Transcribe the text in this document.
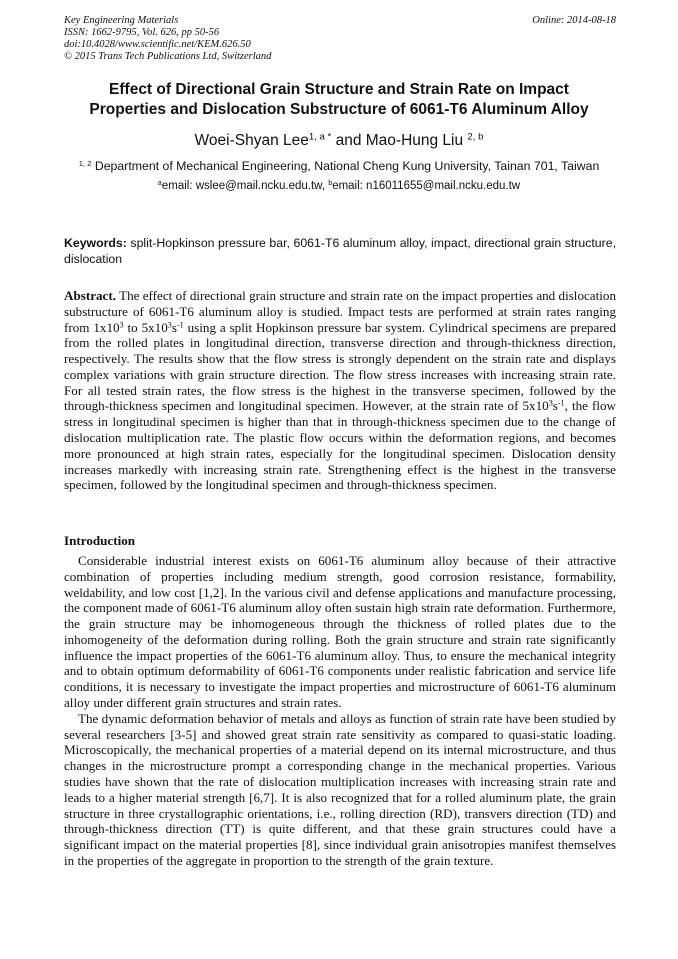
Key Engineering Materials
ISSN: 1662-9795, Vol. 626, pp 50-56
doi:10.4028/www.scientific.net/KEM.626.50
© 2015 Trans Tech Publications Ltd, Switzerland
Online: 2014-08-18
Effect of Directional Grain Structure and Strain Rate on Impact
Properties and Dislocation Substructure of 6061-T6 Aluminum Alloy
Woei-Shyan Lee$^{1, a *}$ and Mao-Hung Liu $^{2, b}$
$^{1, 2}$ Department of Mechanical Engineering, National Cheng Kung University, Tainan 701, Taiwan
$^a$email: wslee@mail.ncku.edu.tw, $^b$email: n16011655@mail.ncku.edu.tw
Keywords: split-Hopkinson pressure bar, 6061-T6 aluminum alloy, impact, directional grain structure, dislocation
Abstract. The effect of directional grain structure and strain rate on the impact properties and dislocation substructure of 6061-T6 aluminum alloy is studied. Impact tests are performed at strain rates ranging from $1x10^3$ to $5x10^3s^{-1}$ using a split Hopkinson pressure bar system. Cylindrical specimens are prepared from the rolled plates in longitudinal direction, transverse direction and through-thickness direction, respectively. The results show that the flow stress is strongly dependent on the strain rate and displays complex variations with grain structure direction. The flow stress increases with increasing strain rate. For all tested strain rates, the flow stress is the highest in the transverse specimen, followed by the through-thickness specimen and longitudinal specimen. However, at the strain rate of $5x10^3s^{-1}$, the flow stress in longitudinal specimen is higher than that in through-thickness specimen due to the change of dislocation multiplication rate. The plastic flow occurs within the deformation regions, and becomes more pronounced at high strain rates, especially for the longitudinal specimen. Dislocation density increases markedly with increasing strain rate. Strengthening effect is the highest in the transverse specimen, followed by the longitudinal specimen and through-thickness specimen.
Introduction

Considerable industrial interest exists on 6061-T6 aluminum alloy because of their attractive combination of properties including medium strength, good corrosion resistance, formability, weldability, and low cost [1,2]. In the various civil and defense applications and manufacture processing, the component made of 6061-T6 aluminum alloy often sustain high strain rate deformation. Furthermore, the grain structure may be inhomogeneous through the thickness of rolled plates due to the inhomogeneity of the deformation during rolling. Both the grain structure and strain rate significantly influence the impact properties of the 6061-T6 aluminum alloy. Thus, to ensure the mechanical integrity and to obtain optimum deformability of 6061-T6 components under realistic fabrication and service life conditions, it is necessary to investigate the impact properties and microstructure of 6061-T6 aluminum alloy under different grain structures and strain rates.

The dynamic deformation behavior of metals and alloys as function of strain rate have been studied by several researchers [3-5] and showed great strain rate sensitivity as compared to quasi-static loading. Microscopically, the mechanical properties of a material depend on its internal microstructure, and thus changes in the microstructure prompt a corresponding change in the mechanical properties. Various studies have shown that the rate of dislocation multiplication increases with increasing strain rate and leads to a higher material strength [6,7]. It is also recognized that for a rolled aluminum plate, the grain structure in three crystallographic orientations, i.e., rolling direction (RD), transvers direction (TD) and through-thickness direction (TT) is quite different, and that these grain structures could have a significant impact on the material properties [8], since individual grain anisotropies manifest themselves in the properties of the aggregate in proportion to the strength of the grain texture.
